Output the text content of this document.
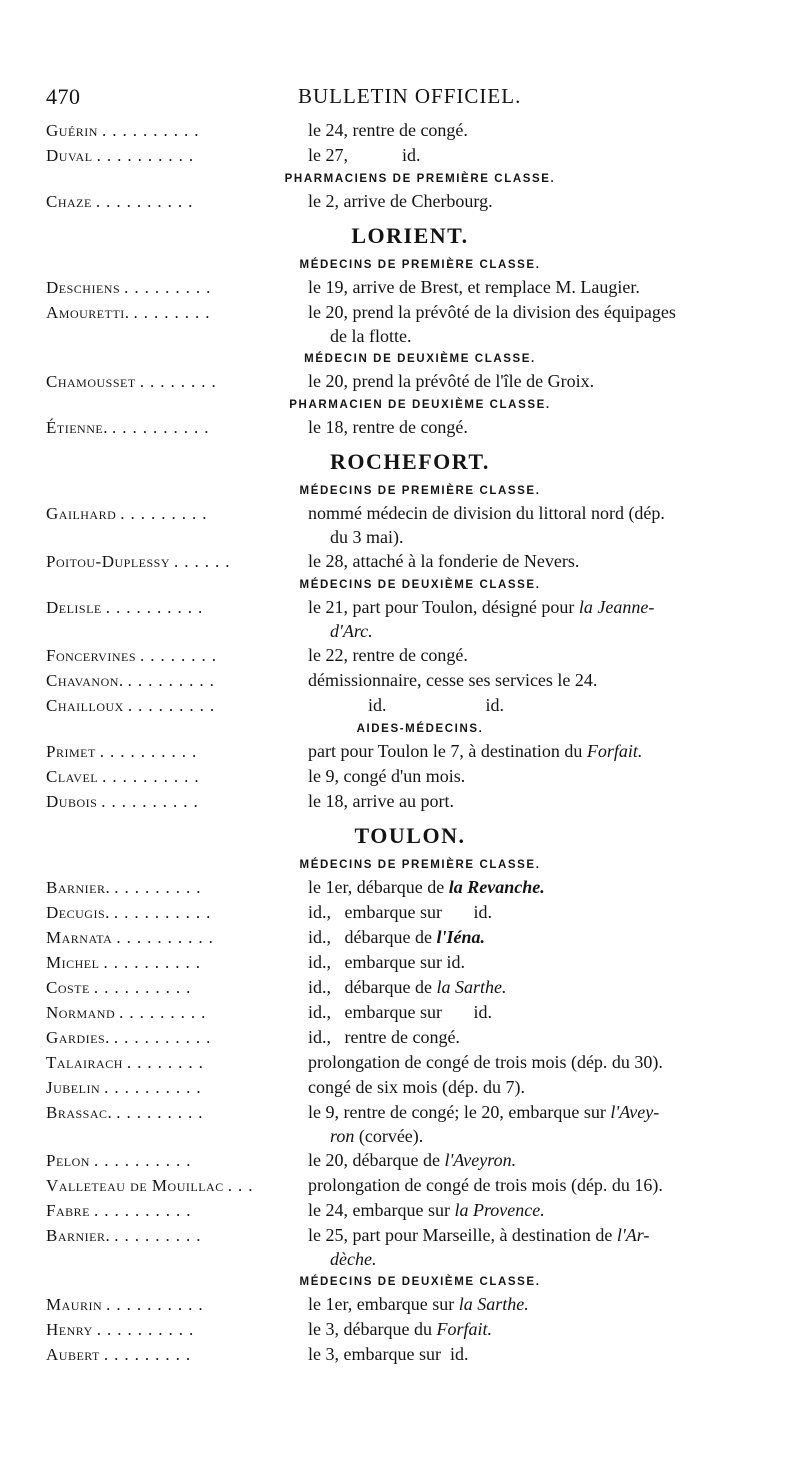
470	BULLETIN OFFICIEL.
Guérin ..........	le 24, rentre de congé.
Duval ..........	le 27,            id.
PHARMACIENS DE PREMIÈRE CLASSE.
Chaze ..........	le 2, arrive de Cherbourg.
LORIENT.
MÉDECINS DE PREMIÈRE CLASSE.
Deschiens .........	le 19, arrive de Brest, et remplace M. Laugier.
Amouretti. ........	le 20, prend la prévôté de la division des équipages
de la flotte.
MÉDECIN DE DEUXIÈME CLASSE.
Chamousset ........	le 20, prend la prévôté de l'île de Groix.
PHARMACIEN DE DEUXIÈME CLASSE.
Étienne. ..........	le 18, rentre de congé.
ROCHEFORT.
MÉDECINS DE PREMIÈRE CLASSE.
Gailhard .........	nommé médecin de division du littoral nord (dép.
du 3 mai).
Poitou-Duplessy ......	le 28, attaché à la fonderie de Nevers.
MÉDECINS DE DEUXIÈME CLASSE.
Delisle ..........	le 21, part pour Toulon, désigné pour la Jeanne-
d'Arc.
Foncervines ........	le 22, rentre de congé.
Chavanon. .........	démissionnaire, cesse ses services le 24.
Chailloux .........	id.                      id.
AIDES-MÉDECINS.
Primet ..........	part pour Toulon le 7, à destination du Forfait.
Clavel ..........	le 9, congé d'un mois.
Dubois ..........	le 18, arrive au port.
TOULON.
MÉDECINS DE PREMIÈRE CLASSE.
Barnier. .........	le 1er, débarque de la Revanche.
Decugis. ..........	id.,   embarque sur       id.
Marnata ..........	id.,   débarque de l'Iéna.
Michel ..........	id.,   embarque sur id.
Coste ..........	id.,   débarque de la Sarthe.
Normand .........	id.,   embarque sur       id.
Gardies. ..........	id.,   rentre de congé.
Talairach ........	prolongation de congé de trois mois (dép. du 30).
Jubelin ..........	congé de six mois (dép. du 7).
Brassac. .........	le 9, rentre de congé; le 20, embarque sur l'Avey-
ron (corvée).
Pelon ..........	le 20, débarque de l'Aveyron.
Valleteau de Mouillac ...	prolongation de congé de trois mois (dép. du 16).
Fabre ..........	le 24, embarque sur la Provence.
Barnier. .........	le 25, part pour Marseille, à destination de l'Ar-
dèche.
MÉDECINS DE DEUXIÈME CLASSE.
Maurin ..........	le 1er, embarque sur la Sarthe.
Henry ..........	le 3, débarque du Forfait.
Aubert .........	le 3, embarque sur  id.
